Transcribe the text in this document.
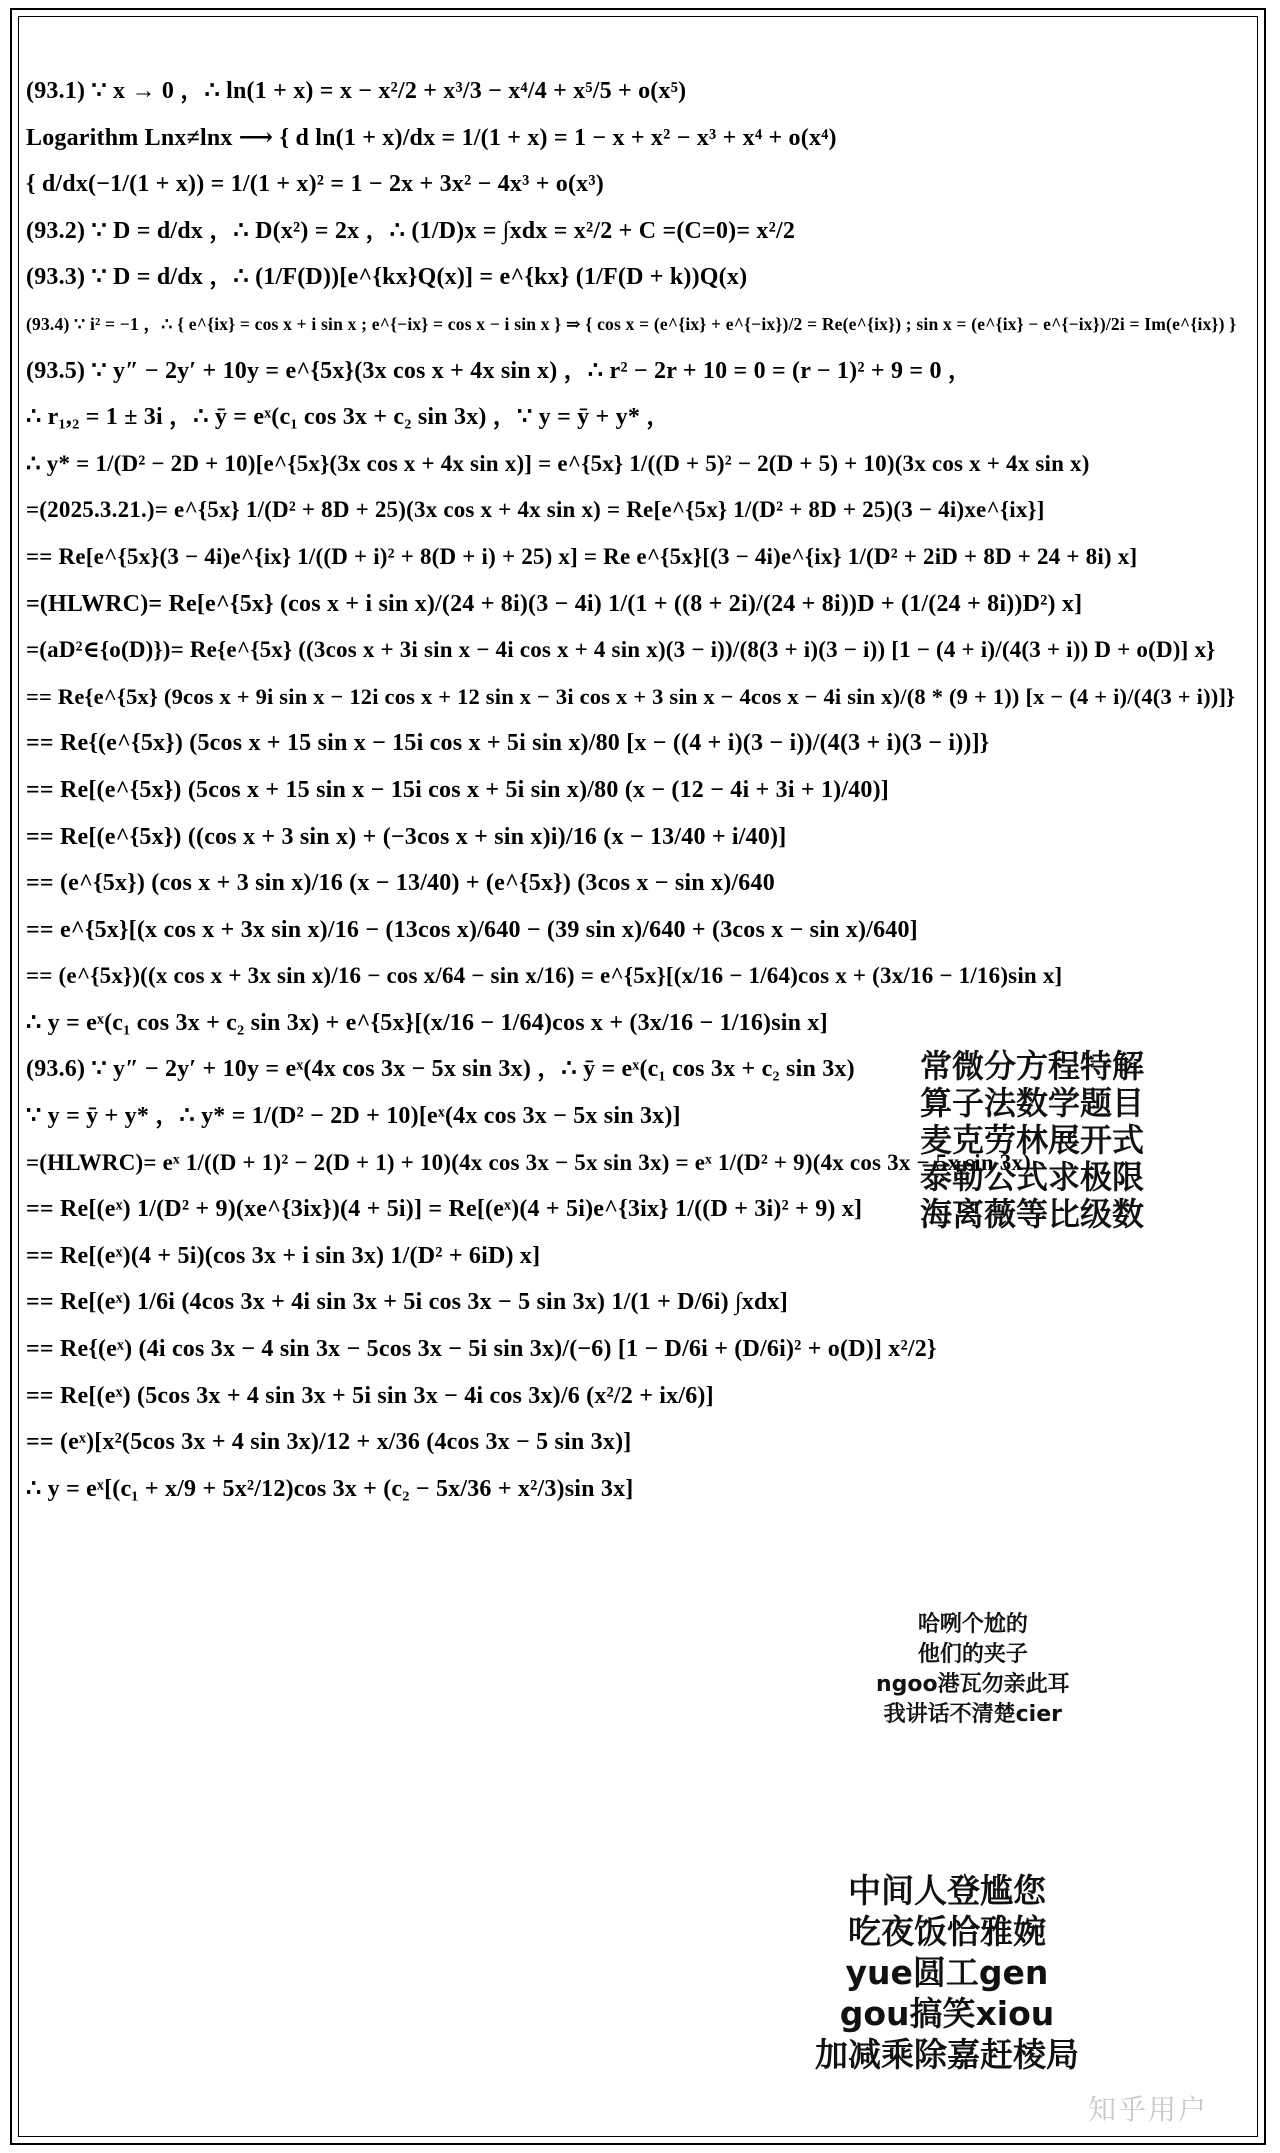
(93.1) ∵ x → 0 ，∴ ln(1 + x) = x − x²/2 + x³/3 − x⁴/4 + x⁵/5 + o(x⁵)
Logarithm Lnx≠lnx ⟶ { d ln(1 + x)/dx = 1/(1 + x) = 1 − x + x² − x³ + x⁴ + o(x⁴)
{ d/dx(−1/(1 + x)) = 1/(1 + x)² = 1 − 2x + 3x² − 4x³ + o(x³)
(93.2) ∵ D = d/dx ，∴ D(x²) = 2x ，∴ (1/D)x = ∫xdx = x²/2 + C =(C=0)= x²/2
(93.3) ∵ D = d/dx ，∴ (1/F(D))[e^{kx}Q(x)] = e^{kx} (1/F(D + k))Q(x)
(93.4) ∵ i² = −1 ，∴ { e^{ix} = cos x + i sin x ; e^{−ix} = cos x − i sin x } ⇒ { cos x = (e^{ix} + e^{−ix})/2 = Re(e^{ix}) ; sin x = (e^{ix} − e^{−ix})/2i = Im(e^{ix}) }
(93.5) ∵ y″ − 2y′ + 10y = e^{5x}(3x cos x + 4x sin x) ，∴ r² − 2r + 10 = 0 = (r − 1)² + 9 = 0 ，
∴ r₁,₂ = 1 ± 3i ，∴ ȳ = eˣ(c₁ cos 3x + c₂ sin 3x) ，∵ y = ȳ + y* ，
∴ y* = 1/(D² − 2D + 10)[e^{5x}(3x cos x + 4x sin x)] = e^{5x} 1/((D + 5)² − 2(D + 5) + 10)(3x cos x + 4x sin x)
=(2025.3.21.)= e^{5x} 1/(D² + 8D + 25)(3x cos x + 4x sin x) = Re[e^{5x} 1/(D² + 8D + 25)(3 − 4i)xe^{ix}]
== Re[e^{5x}(3 − 4i)e^{ix} 1/((D + i)² + 8(D + i) + 25) x] = Re e^{5x}[(3 − 4i)e^{ix} 1/(D² + 2iD + 8D + 24 + 8i) x]
=(HLWRC)= Re[e^{5x} (cos x + i sin x)/(24 + 8i)(3 − 4i) 1/(1 + ((8 + 2i)/(24 + 8i))D + (1/(24 + 8i))D²) x]
=(aD²∈{o(D)})= Re{e^{5x} ((3cos x + 3i sin x − 4i cos x + 4 sin x)(3 − i))/(8(3 + i)(3 − i)) [1 − (4 + i)/(4(3 + i)) D + o(D)] x}
== Re{e^{5x} (9cos x + 9i sin x − 12i cos x + 12 sin x − 3i cos x + 3 sin x − 4cos x − 4i sin x)/(8 * (9 + 1)) [x − (4 + i)/(4(3 + i))]}
== Re{(e^{5x}) (5cos x + 15 sin x − 15i cos x + 5i sin x)/80 [x − ((4 + i)(3 − i))/(4(3 + i)(3 − i))]}
== Re[(e^{5x}) (5cos x + 15 sin x − 15i cos x + 5i sin x)/80 (x − (12 − 4i + 3i + 1)/40)]
== Re[(e^{5x}) ((cos x + 3 sin x) + (−3cos x + sin x)i)/16 (x − 13/40 + i/40)]
== (e^{5x}) (cos x + 3 sin x)/16 (x − 13/40) + (e^{5x}) (3cos x − sin x)/640
== e^{5x}[(x cos x + 3x sin x)/16 − (13cos x)/640 − (39 sin x)/640 + (3cos x − sin x)/640]
== (e^{5x})((x cos x + 3x sin x)/16 − cos x/64 − sin x/16) = e^{5x}[(x/16 − 1/64)cos x + (3x/16 − 1/16)sin x]
∴ y = eˣ(c₁ cos 3x + c₂ sin 3x) + e^{5x}[(x/16 − 1/64)cos x + (3x/16 − 1/16)sin x]
(93.6) ∵ y″ − 2y′ + 10y = eˣ(4x cos 3x − 5x sin 3x) ，∴ ȳ = eˣ(c₁ cos 3x + c₂ sin 3x)
∵ y = ȳ + y* ，∴ y* = 1/(D² − 2D + 10)[eˣ(4x cos 3x − 5x sin 3x)]
=(HLWRC)= eˣ 1/((D + 1)² − 2(D + 1) + 10)(4x cos 3x − 5x sin 3x) = eˣ 1/(D² + 9)(4x cos 3x − 5x sin 3x)
== Re[(eˣ) 1/(D² + 9)(xe^{3ix})(4 + 5i)] = Re[(eˣ)(4 + 5i)e^{3ix} 1/((D + 3i)² + 9) x]
== Re[(eˣ)(4 + 5i)(cos 3x + i sin 3x) 1/(D² + 6iD) x]
== Re[(eˣ) 1/6i (4cos 3x + 4i sin 3x + 5i cos 3x − 5 sin 3x) 1/(1 + D/6i) ∫xdx]
== Re{(eˣ) (4i cos 3x − 4 sin 3x − 5cos 3x − 5i sin 3x)/(−6) [1 − D/6i + (D/6i)² + o(D)] x²/2}
== Re[(eˣ) (5cos 3x + 4 sin 3x + 5i sin 3x − 4i cos 3x)/6 (x²/2 + ix/6)]
== (eˣ)[x²(5cos 3x + 4 sin 3x)/12 + x/36 (4cos 3x − 5 sin 3x)]
∴ y = eˣ[(c₁ + x/9 + 5x²/12)cos 3x + (c₂ − 5x/36 + x²/3)sin 3x]
常微分方程特解
算子法数学题目
麦克劳林展开式
泰勒公式求极限
海离薇等比级数
哈咧个尬的
他们的夹子
ngoo港瓦勿亲此耳
我讲话不清楚cier
中间人登尴您
吃夜饭恰雅婉
yue圆工gen
gou搞笑xiou
加减乘除嘉赶棱局
知乎用户
